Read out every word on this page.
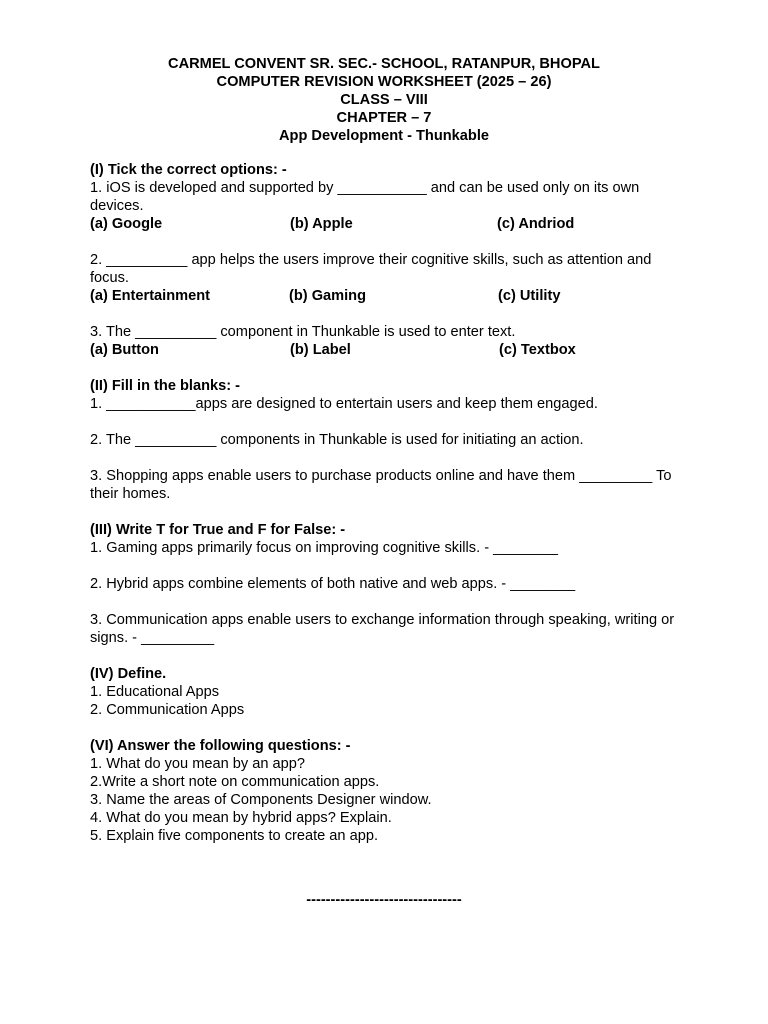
CARMEL CONVENT SR. SEC.- SCHOOL, RATANPUR, BHOPAL
COMPUTER REVISION WORKSHEET (2025 – 26)
CLASS – VIII
CHAPTER – 7
App Development - Thunkable
(I) Tick the correct options: -
1. iOS is developed and supported by ___________ and can be used only on its own devices.
(a) Google	(b) Apple	(c) Andriod
2. __________ app helps the users improve their cognitive skills, such as attention and focus.
(a) Entertainment	(b) Gaming	(c) Utility
3. The __________ component in Thunkable is used to enter text.
(a) Button	(b) Label	(c) Textbox
(II) Fill in the blanks: -
1. ___________apps are designed to entertain users and keep them engaged.
2. The __________ components in Thunkable is used for initiating an action.
3. Shopping apps enable users to purchase products online and have them _________ To their homes.
(III) Write T for True and F for False: -
1. Gaming apps primarily focus on improving cognitive skills. - ________
2. Hybrid apps combine elements of both native and web apps. - ________
3. Communication apps enable users to exchange information through speaking, writing or signs. - _________
(IV) Define.
1. Educational Apps
2. Communication Apps
(VI) Answer the following questions: -
1. What do you mean by an app?
2.Write a short note on communication apps.
3. Name the areas of Components Designer window.
4. What do you mean by hybrid apps? Explain.
5. Explain five components to create an app.
--------------------------------
